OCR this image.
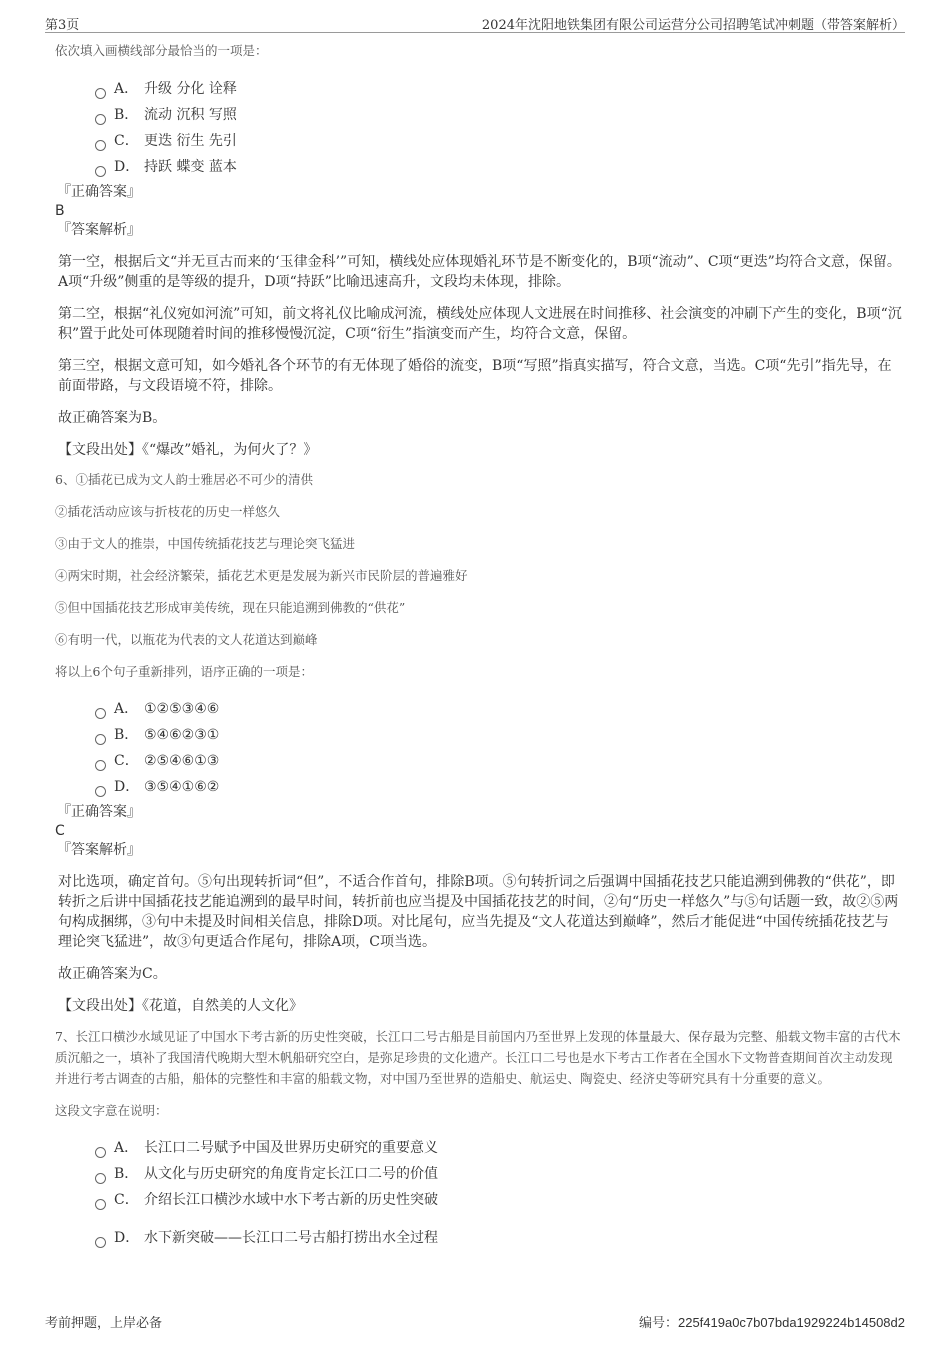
第3页	2024年沈阳地铁集团有限公司运营分公司招聘笔试冲刺题（带答案解析）
依次填入画横线部分最恰当的一项是：
A． 升级 分化 诠释
B． 流动 沉积 写照
C． 更迭 衍生 先引
D． 持跃 蝶变 蓝本
『正确答案』
B
『答案解析』

第一空，根据后文“并无亘古而来的‘玉律金科’”可知，横线处应体现婚礼环节是不断变化的，B项“流动”、C项“更迭”均符合文意，保留。A项“升级”侧重的是等级的提升，D项“持跃”比喻迅速高升，文段均未体现，排除。

第二空，根据“礼仪宛如河流”可知，前文将礼仪比喻成河流，横线处应体现人文进展在时间推移、社会演变的冲刷下产生的变化，B项“沉积”置于此处可体现随着时间的推移慢慢沉淀，C项“衍生”指演变而产生，均符合文意，保留。

第三空，根据文意可知，如今婚礼各个环节的有无体现了婚俗的流变，B项“写照”指真实描写，符合文意，当选。C项“先引”指先导，在前面带路，与文段语境不符，排除。

故正确答案为B。

【文段出处】《“爆改”婚礼，为何火了？》

6、①插花已成为文人韵士雅居必不可少的清供
②插花活动应该与折枝花的历史一样悠久
③由于文人的推崇，中国传统插花技艺与理论突飞猛进
④两宋时期，社会经济繁荣，插花艺术更是发展为新兴市民阶层的普遍雅好
⑤但中国插花技艺形成审美传统，现在只能追溯到佛教的“供花”
⑥有明一代，以瓶花为代表的文人花道达到巅峰
将以上6个句子重新排列，语序正确的一项是：
A． ①②⑤③④⑥
B． ⑤④⑥②③①
C． ②⑤④⑥①③
D． ③⑤④①⑥②
『正确答案』
C
『答案解析』

对比选项，确定首句。⑤句出现转折词“但”，不适合作首句，排除B项。⑤句转折词之后强调中国插花技艺只能追溯到佛教的“供花”，即转折之后讲中国插花技艺能追溯到的最早时间，转折前也应当提及中国插花技艺的时间，②句“历史一样悠久”与⑤句话题一致，故②⑤两句构成捆绑，③句中未提及时间相关信息，排除D项。对比尾句，应当先提及“文人花道达到巅峰”，然后才能促进“中国传统插花技艺与理论突飞猛进”，故③句更适合作尾句，排除A项，C项当选。

故正确答案为C。

【文段出处】《花道，自然美的人文化》

7、长江口横沙水域见证了中国水下考古新的历史性突破，长江口二号古船是目前国内乃至世界上发现的体量最大、保存最为完整、船载文物丰富的古代木质沉船之一，填补了我国清代晚期大型木帆船研究空白，是弥足珍贵的文化遗产。长江口二号也是水下考古工作者在全国水下文物普查期间首次主动发现并进行考古调查的古船，船体的完整性和丰富的船载文物，对中国乃至世界的造船史、航运史、陶瓷史、经济史等研究具有十分重要的意义。
这段文字意在说明：
A． 长江口二号赋予中国及世界历史研究的重要意义
B． 从文化与历史研究的角度肯定长江口二号的价值
C． 介绍长江口横沙水域中水下考古新的历史性突破
D． 水下新突破——长江口二号古船打捞出水全过程
考前押题，上岸必备	编号：225f419a0c7b07bda1929224b14508d2
